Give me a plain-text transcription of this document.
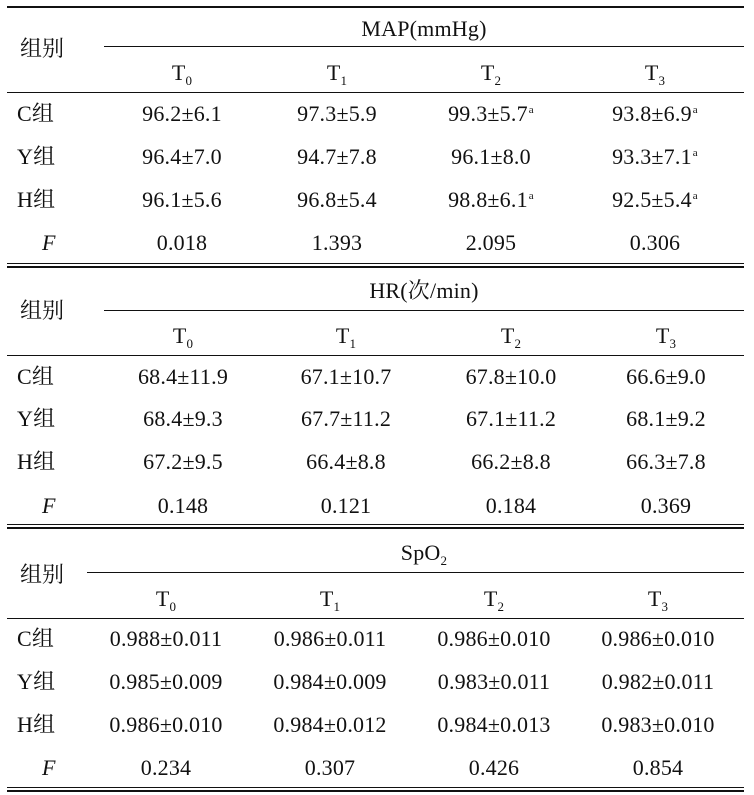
组别
MAP(mmHg)
$T_0$	$T_1$	$T_2$	$T_3$
C组	96.2±6.1	97.3±5.9	99.3±5.7$^a$	93.8±6.9$^a$
Y组	96.4±7.0	94.7±7.8	96.1±8.0	93.3±7.1$^a$
H组	96.1±5.6	96.8±5.4	98.8±6.1$^a$	92.5±5.4$^a$
F	0.018	1.393	2.095	0.306
组别
HR(次/min)
$T_0$	$T_1$	$T_2$	$T_3$
C组	68.4±11.9	67.1±10.7	67.8±10.0	66.6±9.0
Y组	68.4±9.3	67.7±11.2	67.1±11.2	68.1±9.2
H组	67.2±9.5	66.4±8.8	66.2±8.8	66.3±7.8
F	0.148	0.121	0.184	0.369
组别
SpO$_2$
$T_0$	$T_1$	$T_2$	$T_3$
C组	0.988±0.011	0.986±0.011	0.986±0.010	0.986±0.010
Y组	0.985±0.009	0.984±0.009	0.983±0.011	0.982±0.011
H组	0.986±0.010	0.984±0.012	0.984±0.013	0.983±0.010
F	0.234	0.307	0.426	0.854
